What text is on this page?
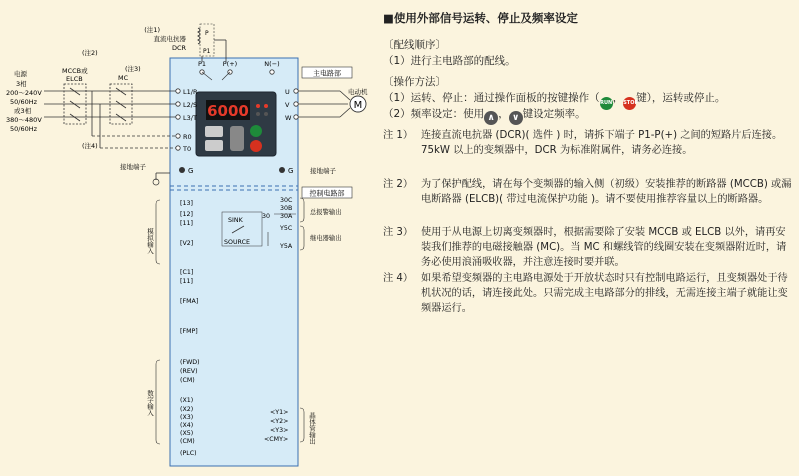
主电路部
控制电路部
(注1)
直流电抗器
DCR
P
P1
P1	P(+)	N(−)
6000
(注2)
(注3)
MCCB或
ELCB	MC
电源
3相
200～240V
50/60Hz
或3相
380～480V
50/60Hz
(注4)
L1/R
L2/S
L3/T
R0
T0
U
V
W
电动机
M
接地端子	G	G	接地端子
模拟输入
[13]
[12]
[11]
[V2]
[C1]
[11]
[FMA]
[FMP]
30C
30B
30A
30
总报警输出
SINK
SOURCE
Y5C
Y5A
继电器输出
数字输入
(FWD)
(REV)
(CM)
(X1)
(X2)
(X3)
(X4)
(X5)
(CM)
(PLC)
<Y1>
<Y2>
<Y3>
<CMY>	晶体管输出
■使用外部信号运转、停止及频率设定
〔配线顺序〕
（1）进行主电路部的配线。
〔操作方法〕
（1）运转、停止：通过操作面板的按键操作（RUN，STOP键），运转或停止。
（2）频率设定：使用 ∧ ， ∨ 键设定频率。
注 1） 连接直流电抗器 (DCR)( 选件 ) 时，请拆下端子 P1-P(+) 之间的短路片后连接。75kW 以上的变频器中，DCR 为标准附属件，请务必连接。
注 2） 为了保护配线，请在每个变频器的输入侧（初级）安装推荐的断路器 (MCCB) 或漏电断路器 (ELCB)( 带过电流保护功能 )。请不要使用推荐容量以上的断路器。
注 3） 使用于从电源上切离变频器时，根据需要除了安装 MCCB 或 ELCB 以外，请再安装我们推荐的电磁接触器 (MC)。当 MC 和螺线管的线圈安装在变频器附近时，请务必使用浪涌吸收器，并注意连接时要并联。
注 4） 如果希望变频器的主电路电源处于开放状态时只有控制电路运行，且变频器处于待机状况的话，请连接此处。只需完成主电路部分的排线，无需连接主端子就能让变频器运行。
